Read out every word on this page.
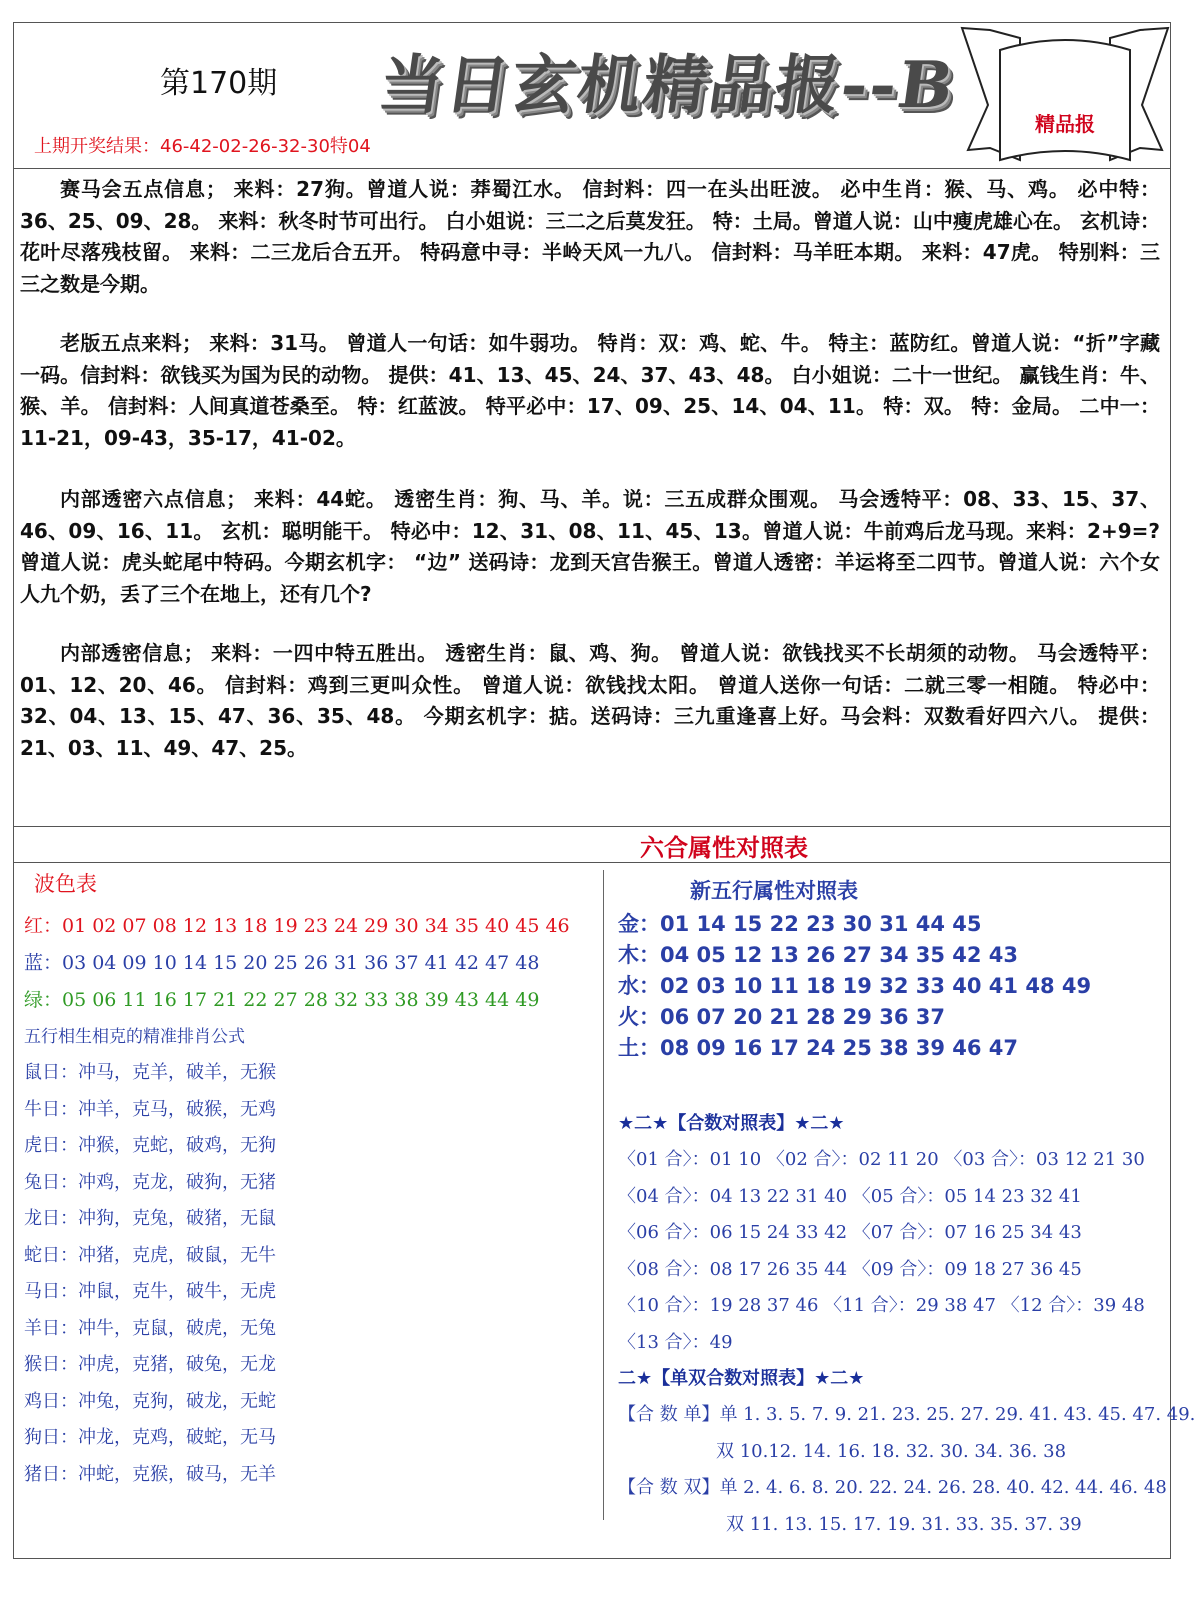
第170期 当日玄机精品报--B
精品报
上期开奖结果：46-42-02-26-32-30特04

赛马会五点信息； 来料：27狗。曾道人说：莽蜀江水。 信封料：四一在头出旺波。 必中生肖：猴、马、鸡。 必中特：36、25、09、28。 来料：秋冬时节可出行。 白小姐说：三二之后莫发狂。 特：土局。曾道人说：山中瘦虎雄心在。 玄机诗：花叶尽落残枝留。 来料：二三龙后合五开。 特码意中寻：半岭天风一九八。 信封料：马羊旺本期。 来料：47虎。 特别料：三三之数是今期。

老版五点来料； 来料：31马。 曾道人一句话：如牛弱功。 特肖：双：鸡、蛇、牛。 特主：蓝防红。曾道人说：“折”字藏一码。信封料：欲钱买为国为民的动物。 提供：41、13、45、24、37、43、48。 白小姐说：二十一世纪。 赢钱生肖：牛、猴、羊。 信封料：人间真道苍桑至。 特：红蓝波。 特平必中：17、09、25、14、04、11。 特：双。 特：金局。 二中一：11-21，09-43，35-17，41-02。

内部透密六点信息； 来料：44蛇。 透密生肖：狗、马、羊。说：三五成群众围观。 马会透特平：08、33、15、37、46、09、16、11。 玄机：聪明能干。 特必中：12、31、08、11、45、13。曾道人说：牛前鸡后龙马现。来料：2+9=? 曾道人说：虎头蛇尾中特码。今期玄机字： “边” 送码诗：龙到天宫告猴王。曾道人透密：羊运将至二四节。曾道人说：六个女人九个奶，丢了三个在地上，还有几个?

内部透密信息； 来料：一四中特五胜出。 透密生肖：鼠、鸡、狗。 曾道人说：欲钱找买不长胡须的动物。 马会透特平：01、12、20、46。 信封料：鸡到三更叫众性。 曾道人说：欲钱找太阳。 曾道人送你一句话：二就三零一相随。 特必中：32、04、13、15、47、36、35、48。 今期玄机字：掂。送码诗：三九重逢喜上好。马会料：双数看好四六八。 提供：21、03、11、49、47、25。

六合属性对照表
波色表
红：01 02 07 08 12 13 18 19 23 24 29 30 34 35 40 45 46
蓝：03 04 09 10 14 15 20 25 26 31 36 37 41 42 47 48
绿：05 06 11 16 17 21 22 27 28 32 33 38 39 43 44 49
五行相生相克的精准排肖公式
鼠日：冲马，克羊，破羊，无猴
牛日：冲羊，克马，破猴，无鸡
虎日：冲猴，克蛇，破鸡，无狗
兔日：冲鸡，克龙，破狗，无猪
龙日：冲狗，克兔，破猪，无鼠
蛇日：冲猪，克虎，破鼠，无牛
马日：冲鼠，克牛，破牛，无虎
羊日：冲牛，克鼠，破虎，无兔
猴日：冲虎，克猪，破兔，无龙
鸡日：冲兔，克狗，破龙，无蛇
狗日：冲龙，克鸡，破蛇，无马
猪日：冲蛇，克猴，破马，无羊
新五行属性对照表
金：01 14 15 22 23 30 31 44 45
木：04 05 12 13 26 27 34 35 42 43
水：02 03 10 11 18 19 32 33 40 41 48 49
火：06 07 20 21 28 29 36 37
土：08 09 16 17 24 25 38 39 46 47
★二★【合数对照表】★二★
〈01 合〉：01 10 〈02 合〉：02 11 20 〈03 合〉：03 12 21 30
〈04 合〉：04 13 22 31 40 〈05 合〉：05 14 23 32 41
〈06 合〉：06 15 24 33 42 〈07 合〉：07 16 25 34 43
〈08 合〉：08 17 26 35 44 〈09 合〉：09 18 27 36 45
〈10 合〉：19 28 37 46 〈11 合〉：29 38 47 〈12 合〉：39 48
〈13 合〉：49
二★【单双合数对照表】★二★
【合 数 单】单 1. 3. 5. 7. 9. 21. 23. 25. 27. 29. 41. 43. 45. 47. 49.
双 10.12. 14. 16. 18. 32. 30. 34. 36. 38
【合 数 双】单 2. 4. 6. 8. 20. 22. 24. 26. 28. 40. 42. 44. 46. 48
双 11. 13. 15. 17. 19. 31. 33. 35. 37. 39
